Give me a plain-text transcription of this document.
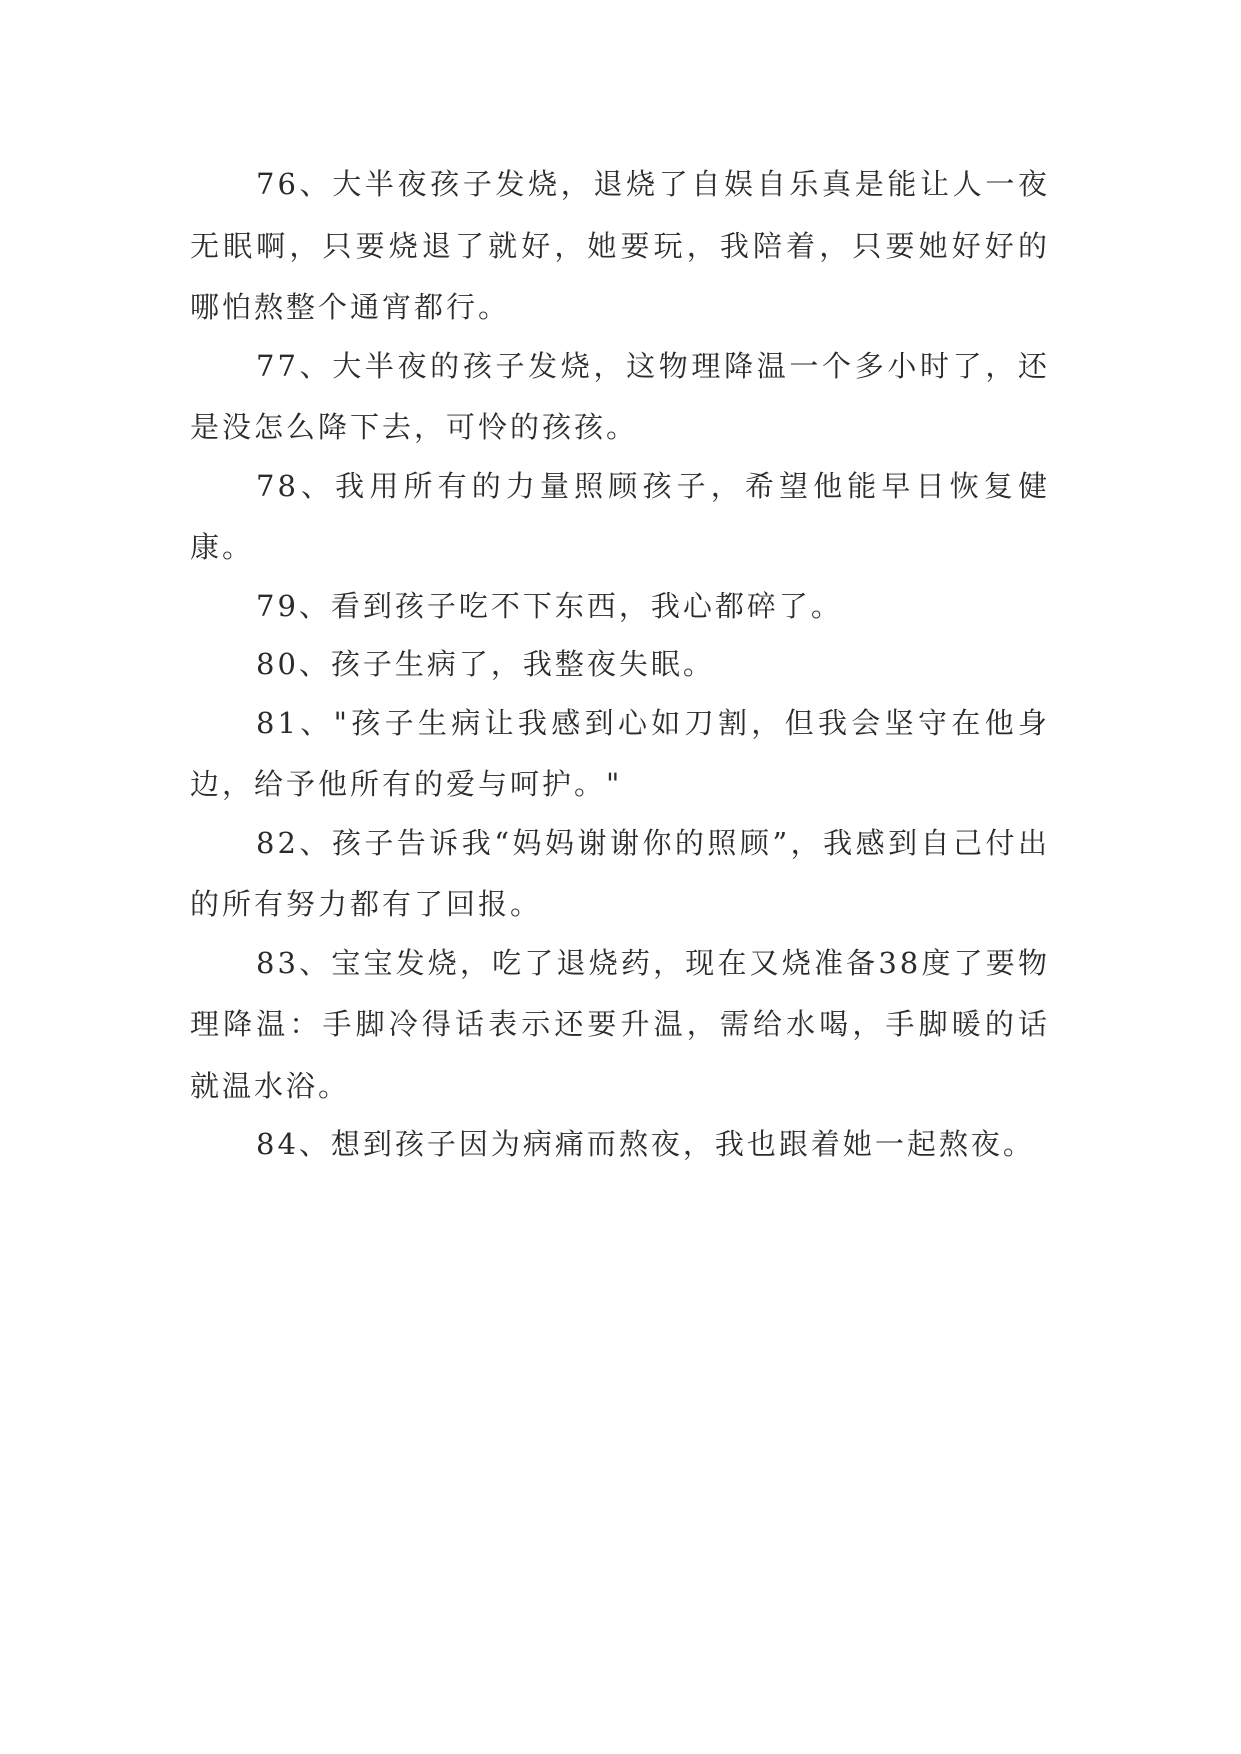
76、大半夜孩子发烧，退烧了自娱自乐真是能让人一夜无眠啊，只要烧退了就好，她要玩，我陪着，只要她好好的哪怕熬整个通宵都行。

77、大半夜的孩子发烧，这物理降温一个多小时了，还是没怎么降下去，可怜的孩孩。

78、我用所有的力量照顾孩子，希望他能早日恢复健康。

79、看到孩子吃不下东西，我心都碎了。

80、孩子生病了，我整夜失眠。

81、"孩子生病让我感到心如刀割，但我会坚守在他身边，给予他所有的爱与呵护。"

82、孩子告诉我“妈妈谢谢你的照顾”，我感到自己付出的所有努力都有了回报。

83、宝宝发烧，吃了退烧药，现在又烧准备38度了要物理降温：手脚冷得话表示还要升温，需给水喝，手脚暖的话就温水浴。

84、想到孩子因为病痛而熬夜，我也跟着她一起熬夜。
